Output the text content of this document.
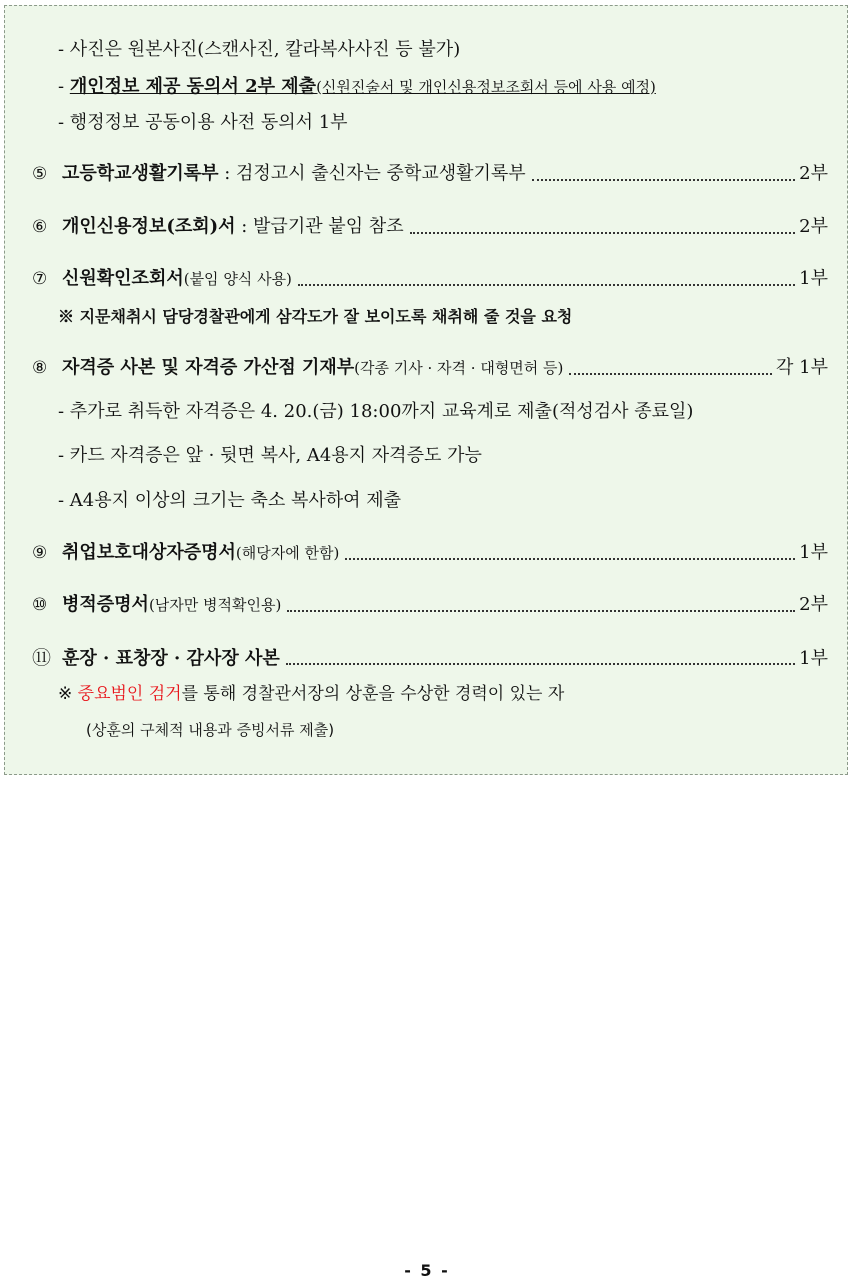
- 사진은 원본사진(스캔사진, 칼라복사사진 등 불가)
- 개인정보 제공 동의서 2부 제출(신원진술서 및 개인신용정보조회서 등에 사용 예정)
- 행정정보 공동이용 사전 동의서 1부
⑤ 고등학교생활기록부 : 검정고시 출신자는 중학교생활기록부	2부
⑥ 개인신용정보(조회)서 : 발급기관 붙임 참조	2부
⑦ 신원확인조회서(붙임 양식 사용)	1부
※ 지문채취시 담당경찰관에게 삼각도가 잘 보이도록 채취해 줄 것을 요청
⑧ 자격증 사본 및 자격증 가산점 기재부(각종 기사 · 자격 · 대형면허 등)	각 1부
- 추가로 취득한 자격증은 4. 20.(금) 18:00까지 교육계로 제출(적성검사 종료일)
- 카드 자격증은 앞 · 뒷면 복사, A4용지 자격증도 가능
- A4용지 이상의 크기는 축소 복사하여 제출
⑨ 취업보호대상자증명서(해당자에 한함)	1부
⑩ 병적증명서(남자만 병적확인용)	2부
⑪ 훈장 · 표창장 · 감사장 사본	1부
※ 중요범인 검거를 통해 경찰관서장의 상훈을 수상한 경력이 있는 자
(상훈의 구체적 내용과 증빙서류 제출)
- 5 -
